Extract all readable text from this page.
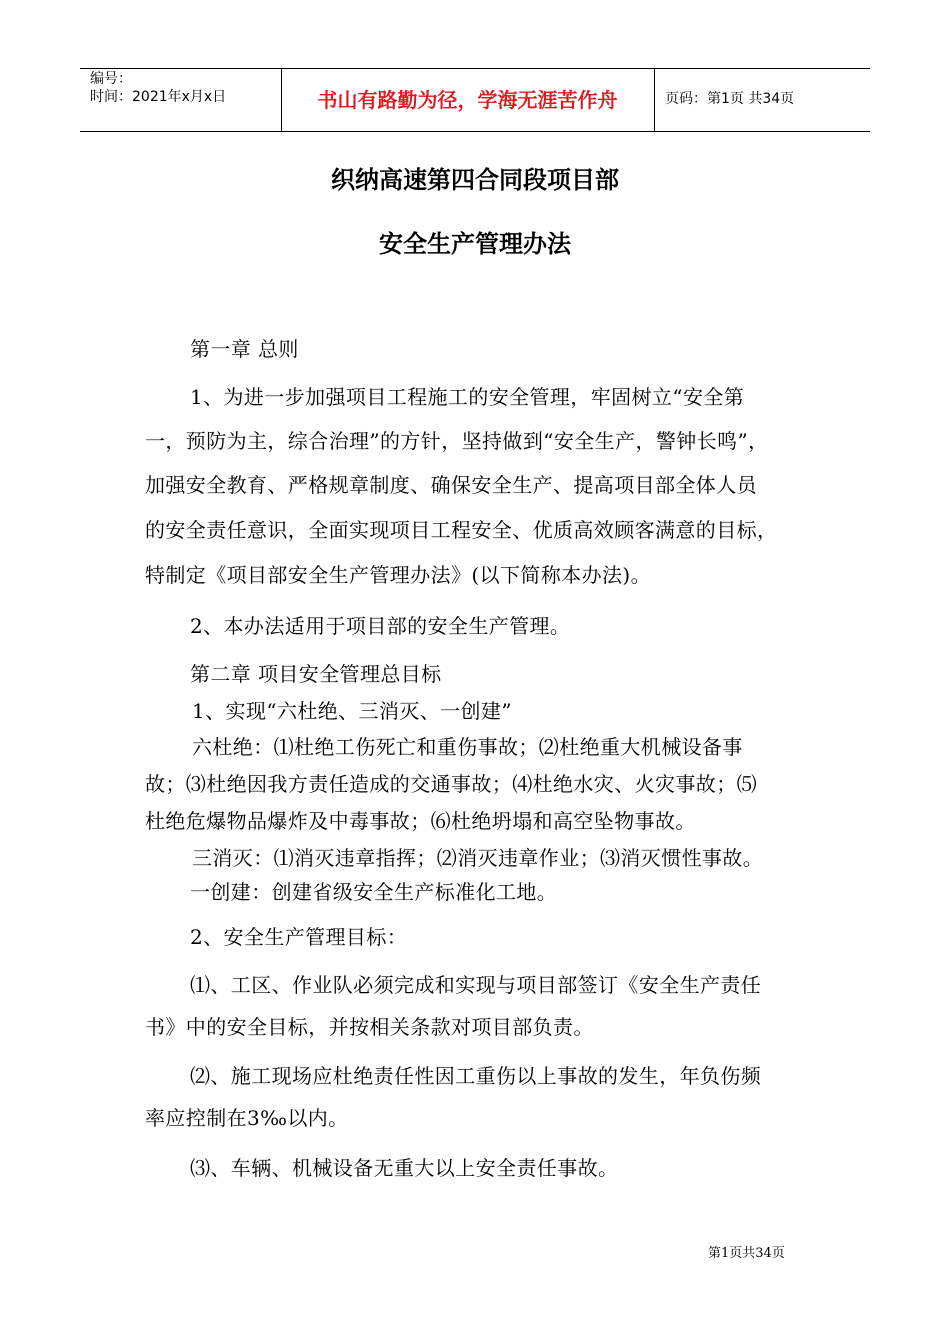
编号：
时间：2021年x月x日	书山有路勤为径，学海无涯苦作舟	页码：第1页 共34页
织纳高速第四合同段项目部
安全生产管理办法
第一章 总则
1、为进一步加强项目工程施工的安全管理，牢固树立“安全第
一，预防为主，综合治理”的方针，坚持做到“安全生产，警钟长鸣”，
加强安全教育、严格规章制度、确保安全生产、提高项目部全体人员
的安全责任意识，全面实现项目工程安全、优质高效顾客满意的目标，
特制定《项目部安全生产管理办法》(以下简称本办法)。
2、本办法适用于项目部的安全生产管理。
第二章 项目安全管理总目标
1、实现“六杜绝、三消灭、一创建”
六杜绝：⑴杜绝工伤死亡和重伤事故；⑵杜绝重大机械设备事
故；⑶杜绝因我方责任造成的交通事故；⑷杜绝水灾、火灾事故；⑸
杜绝危爆物品爆炸及中毒事故；⑹杜绝坍塌和高空坠物事故。
三消灭：⑴消灭违章指挥；⑵消灭违章作业；⑶消灭惯性事故。
一创建：创建省级安全生产标准化工地。
2、安全生产管理目标：
⑴、工区、作业队必须完成和实现与项目部签订《安全生产责任
书》中的安全目标，并按相关条款对项目部负责。
⑵、施工现场应杜绝责任性因工重伤以上事故的发生，年负伤频
率应控制在3‰以内。
⑶、车辆、机械设备无重大以上安全责任事故。
第1页共34页
